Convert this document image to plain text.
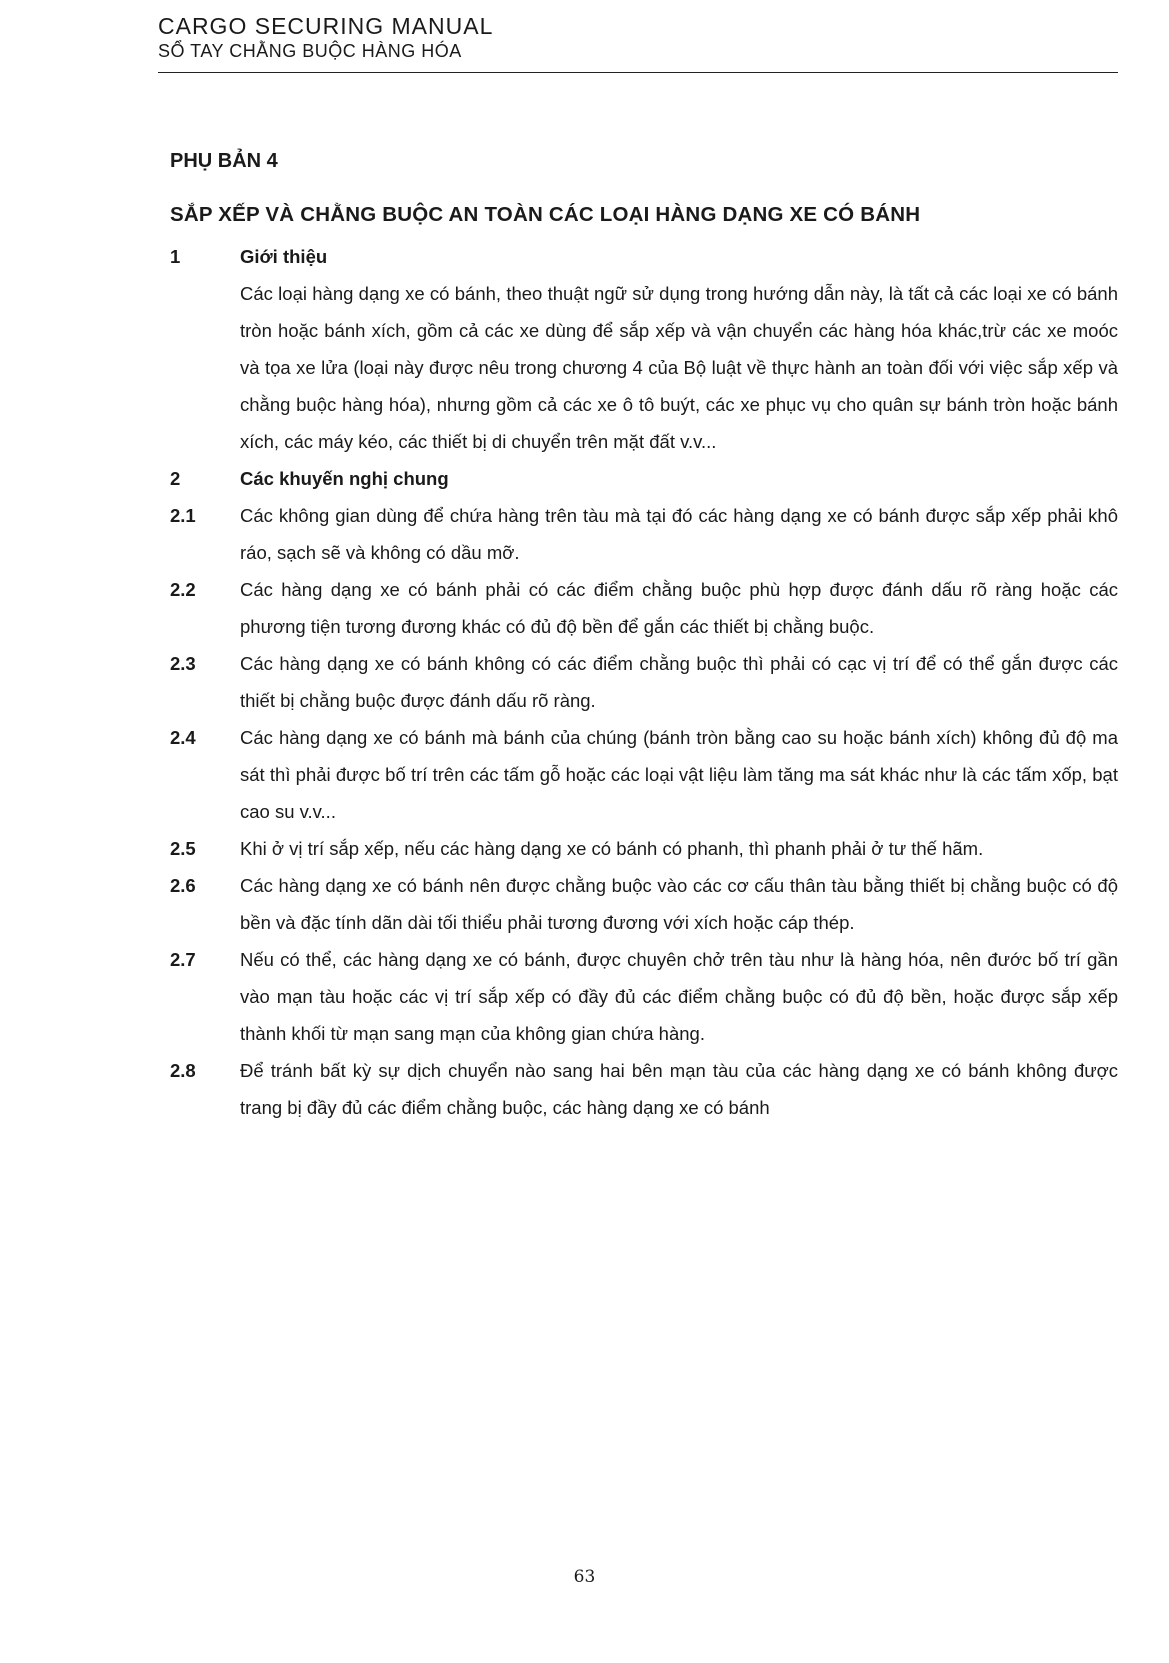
CARGO SECURING MANUAL
SỔ TAY CHẰNG BUỘC HÀNG HÓA
PHỤ BẢN 4
SẮP XẾP VÀ CHẰNG BUỘC AN TOÀN CÁC LOẠI HÀNG DẠNG XE CÓ BÁNH
1	Giới thiệu
Các loại hàng dạng xe có bánh, theo thuật ngữ sử dụng trong hướng dẫn này, là tất cả các loại xe có bánh tròn hoặc bánh xích, gồm cả các xe dùng để sắp xếp và vận chuyển các hàng hóa khác,trừ các xe moóc và tọa xe lửa (loại này được nêu trong chương 4 của Bộ luật về thực hành an toàn đối với việc sắp xếp và chằng buộc hàng hóa), nhưng gồm cả các xe ô tô buýt, các xe phục vụ cho quân sự bánh tròn hoặc bánh xích, các máy kéo, các thiết bị di chuyển trên mặt đất v.v...
2	Các khuyến nghị chung
2.1	Các không gian dùng để chứa hàng trên tàu mà tại đó các hàng dạng xe có bánh được sắp xếp phải khô ráo, sạch sẽ và không có dầu mỡ.
2.2	Các hàng dạng xe có bánh phải có các điểm chằng buộc phù hợp được đánh dấu rõ ràng hoặc các phương tiện tương đương khác có đủ độ bền để gắn các thiết bị chằng buộc.
2.3	Các hàng dạng xe có bánh không có các điểm chằng buộc thì phải có cạc vị trí để có thể gắn được các thiết bị chằng buộc được đánh dấu rõ ràng.
2.4	Các hàng dạng xe có bánh mà bánh của chúng (bánh tròn bằng cao su hoặc bánh xích) không đủ độ ma sát thì phải được bố trí trên các tấm gỗ hoặc các loại vật liệu làm tăng ma sát khác như là các tấm xốp, bạt cao su v.v...
2.5	Khi ở vị trí sắp xếp, nếu các hàng dạng xe có bánh có phanh, thì phanh phải ở tư thế hãm.
2.6	Các hàng dạng xe có bánh nên được chằng buộc vào các cơ cấu thân tàu bằng thiết bị chằng buộc có độ bền và đặc tính dãn dài tối thiểu phải tương đương với xích hoặc cáp thép.
2.7	Nếu có thể, các hàng dạng xe có bánh, được chuyên chở trên tàu như là hàng hóa, nên đước bố trí gần vào mạn tàu hoặc các vị trí sắp xếp có đầy đủ các điểm chằng buộc có đủ độ bền, hoặc được sắp xếp thành khối từ mạn sang mạn của không gian chứa hàng.
2.8	Để tránh bất kỳ sự dịch chuyển nào sang hai bên mạn tàu của các hàng dạng xe có bánh không được trang bị đầy đủ các điểm chằng buộc, các hàng dạng xe có bánh
63
